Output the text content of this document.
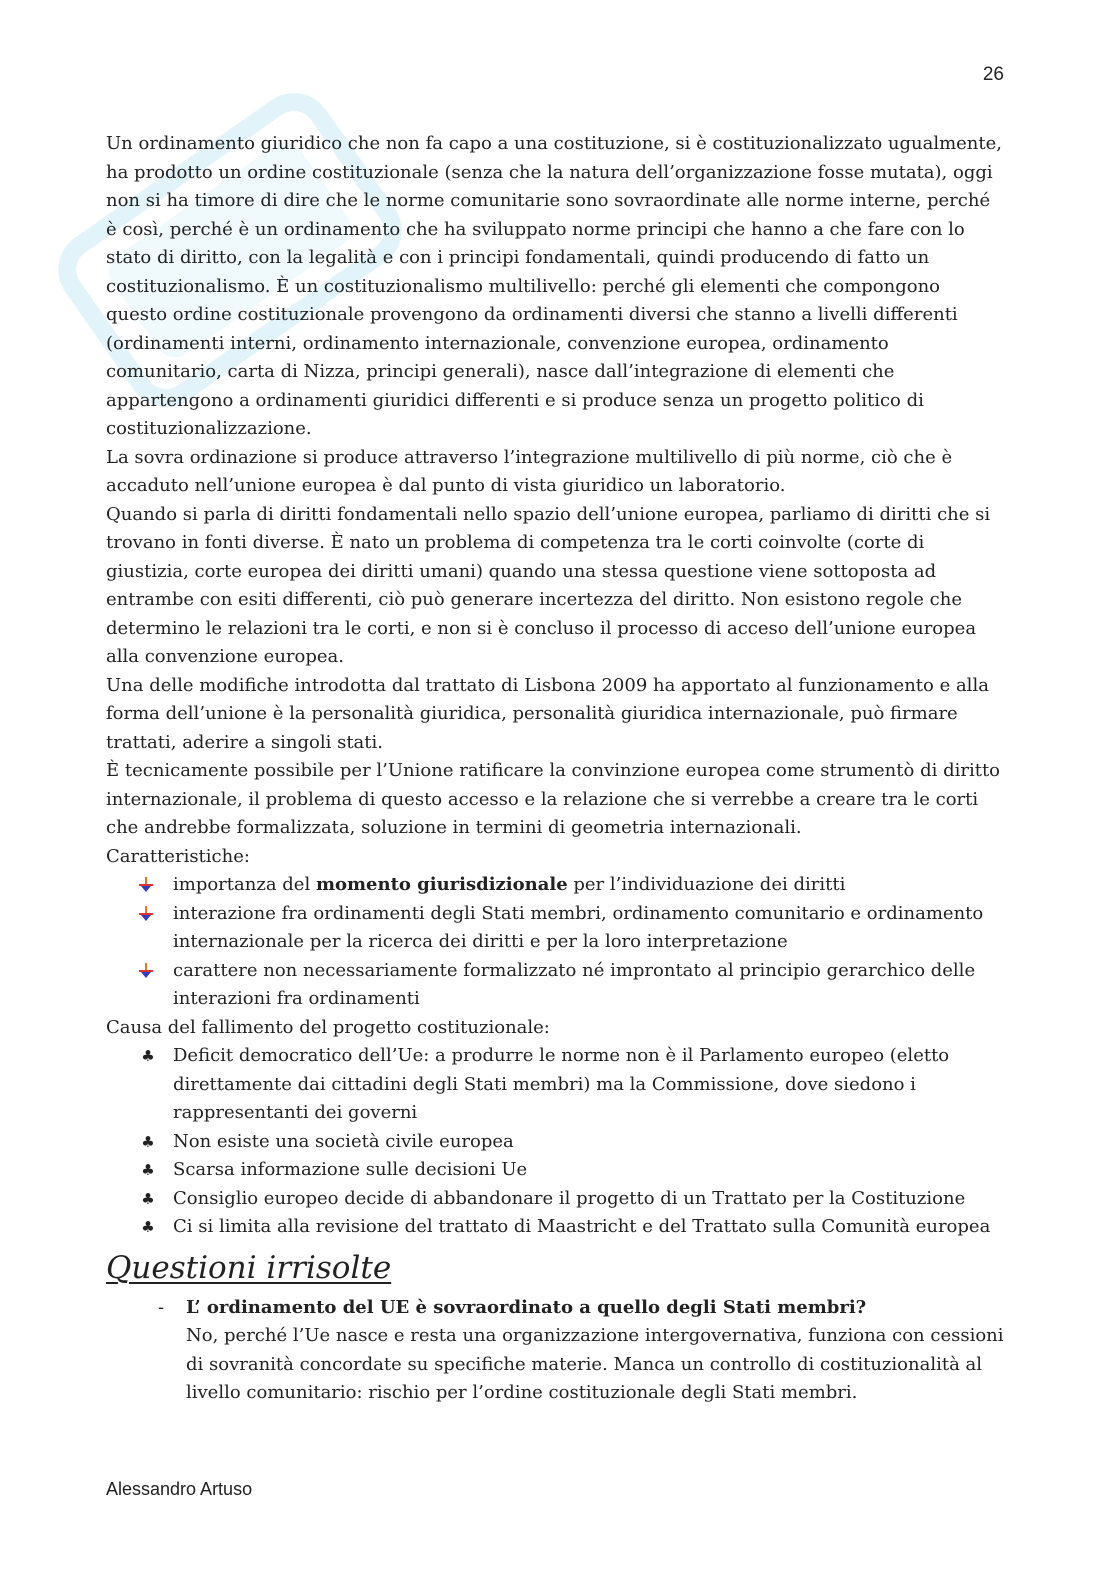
26

Un ordinamento giuridico che non fa capo a una costituzione, si è costituzionalizzato ugualmente, ha prodotto un ordine costituzionale (senza che la natura dell’organizzazione fosse mutata), oggi non si ha timore di dire che le norme comunitarie sono sovraordinate alle norme interne, perché è così, perché è un ordinamento che ha sviluppato norme principi che hanno a che fare con lo stato di diritto, con la legalità e con i principi fondamentali, quindi producendo di fatto un costituzionalismo. È un costituzionalismo multilivello: perché gli elementi che compongono questo ordine costituzionale provengono da ordinamenti diversi che stanno a livelli differenti (ordinamenti interni, ordinamento internazionale, convenzione europea, ordinamento comunitario, carta di Nizza, principi generali), nasce dall’integrazione di elementi che appartengono a ordinamenti giuridici differenti e si produce senza un progetto politico di costituzionalizzazione.

La sovra ordinazione si produce attraverso l’integrazione multilivello di più norme, ciò che è accaduto nell’unione europea è dal punto di vista giuridico un laboratorio.

Quando si parla di diritti fondamentali nello spazio dell’unione europea, parliamo di diritti che si trovano in fonti diverse. È nato un problema di competenza tra le corti coinvolte (corte di giustizia, corte europea dei diritti umani) quando una stessa questione viene sottoposta ad entrambe con esiti differenti, ciò può generare incertezza del diritto. Non esistono regole che determino le relazioni tra le corti, e non si è concluso il processo di acceso dell’unione europea alla convenzione europea.

Una delle modifiche introdotta dal trattato di Lisbona 2009 ha apportato al funzionamento e alla forma dell’unione è la personalità giuridica, personalità giuridica internazionale, può firmare trattati, aderire a singoli stati.

È tecnicamente possibile per l’Unione ratificare la convinzione europea come strumentò di diritto internazionale, il problema di questo accesso e la relazione che si verrebbe a creare tra le corti che andrebbe formalizzata, soluzione in termini di geometria internazionali.

Caratteristiche:

importanza del momento giurisdizionale per l’individuazione dei diritti
interazione fra ordinamenti degli Stati membri, ordinamento comunitario e ordinamento internazionale per la ricerca dei diritti e per la loro interpretazione
carattere non necessariamente formalizzato né improntato al principio gerarchico delle interazioni fra ordinamenti

Causa del fallimento del progetto costituzionale:

♣ Deficit democratico dell’Ue: a produrre le norme non è il Parlamento europeo (eletto direttamente dai cittadini degli Stati membri) ma la Commissione, dove siedono i rappresentanti dei governi
♣ Non esiste una società civile europea
♣ Scarsa informazione sulle decisioni Ue
♣ Consiglio europeo decide di abbandonare il progetto di un Trattato per la Costituzione
♣ Ci si limita alla revisione del trattato di Maastricht e del Trattato sulla Comunità europea
Questioni irrisolte
- L’ ordinamento del UE è sovraordinato a quello degli Stati membri?
No, perché l’Ue nasce e resta una organizzazione intergovernativa, funziona con cessioni di sovranità concordate su specifiche materie. Manca un controllo di costituzionalità al livello comunitario: rischio per l’ordine costituzionale degli Stati membri.
Alessandro Artuso
